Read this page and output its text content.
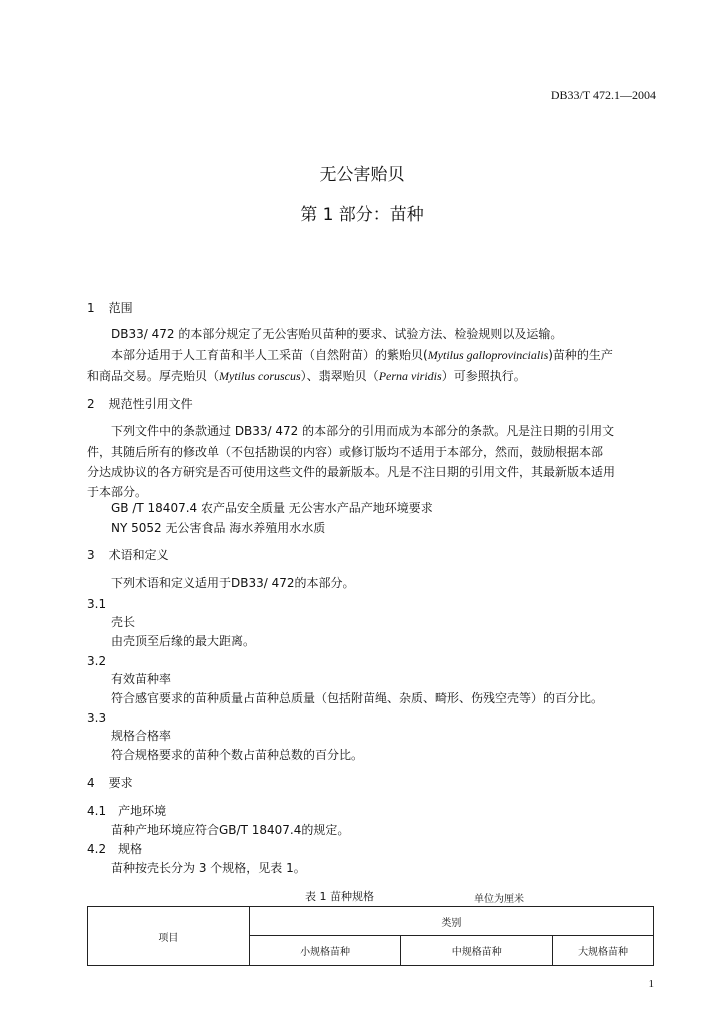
DB33/T 472.1—2004
无公害贻贝
第 1 部分：苗种
1 范围
DB33/ 472 的本部分规定了无公害贻贝苗种的要求、试验方法、检验规则以及运输。
本部分适用于人工育苗和半人工采苗（自然附苗）的紫贻贝(Mytilus galloprovincialis)苗种的生产
和商品交易。厚壳贻贝（Mytilus coruscus）、翡翠贻贝（Perna viridis）可参照执行。
2 规范性引用文件
下列文件中的条款通过 DB33/ 472 的本部分的引用而成为本部分的条款。凡是注日期的引用文
件，其随后所有的修改单（不包括勘误的内容）或修订版均不适用于本部分，然而，鼓励根据本部
分达成协议的各方研究是否可使用这些文件的最新版本。凡是不注日期的引用文件，其最新版本适用
于本部分。
GB /T 18407.4 农产品安全质量 无公害水产品产地环境要求
NY 5052 无公害食品 海水养殖用水水质
3 术语和定义
下列术语和定义适用于DB33/ 472的本部分。
3.1
壳长
由壳顶至后缘的最大距离。
3.2
有效苗种率
符合感官要求的苗种质量占苗种总质量（包括附苗绳、杂质、畸形、伤残空壳等）的百分比。
3.3
规格合格率
符合规格要求的苗种个数占苗种总数的百分比。
4 要求
4.1 产地环境
苗种产地环境应符合GB/T 18407.4的规定。
4.2 规格
苗种按壳长分为 3 个规格，见表 1。
表 1 苗种规格	单位为厘米
项目	类别		
	小规格苗种	中规格苗种	大规格苗种
1
